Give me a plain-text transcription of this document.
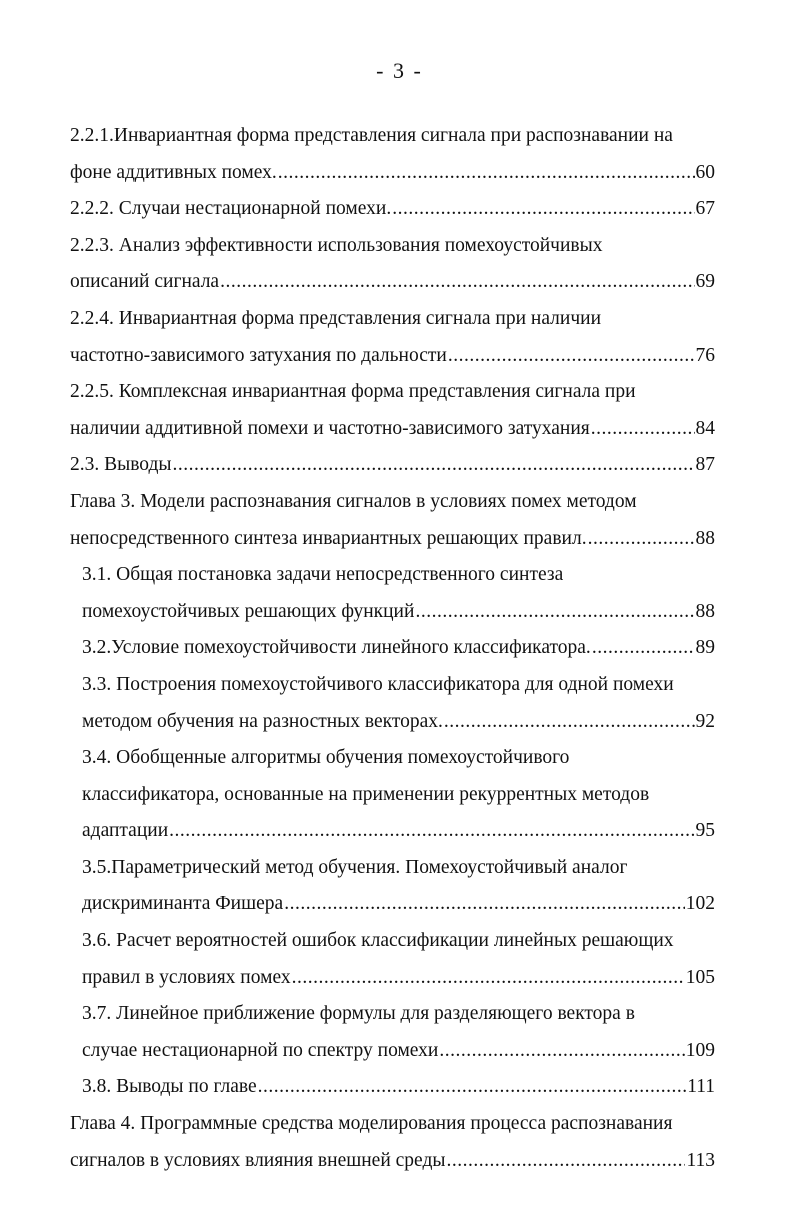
- 3 -
2.2.1.Инвариантная форма представления сигнала при распознавании на
фоне аддитивных помех. .....	60
2.2.2. Случаи нестационарной помехи. .....	67
2.2.3. Анализ эффективности использования помехоустойчивых
описаний сигнала .....	69
2.2.4. Инвариантная форма представления сигнала при наличии
частотно-зависимого затухания по дальности .....	76
2.2.5. Комплексная инвариантная форма представления сигнала при
наличии аддитивной помехи и частотно-зависимого затухания .....	84
2.3. Выводы .....	87
Глава 3. Модели распознавания сигналов в условиях помех методом
непосредственного синтеза инвариантных решающих правил. .....	88
3.1. Общая постановка задачи непосредственного синтеза
помехоустойчивых решающих функций .....	88
3.2.Условие помехоустойчивости линейного классификатора. .....	89
3.3. Построения помехоустойчивого классификатора для одной помехи
методом обучения на разностных векторах. .....	92
3.4. Обобщенные алгоритмы обучения помехоустойчивого
классификатора, основанные на применении рекуррентных методов
адаптации .....	95
3.5.Параметрический метод обучения. Помехоустойчивый аналог
дискриминанта Фишера .....	102
3.6. Расчет вероятностей ошибок классификации линейных решающих
правил в условиях помех .....	105
3.7. Линейное приближение формулы для разделяющего вектора в
случае нестационарной по спектру помехи .....	109
3.8. Выводы по главе .....	111
Глава 4. Программные средства моделирования процесса распознавания
сигналов в условиях влияния внешней среды .....	113
